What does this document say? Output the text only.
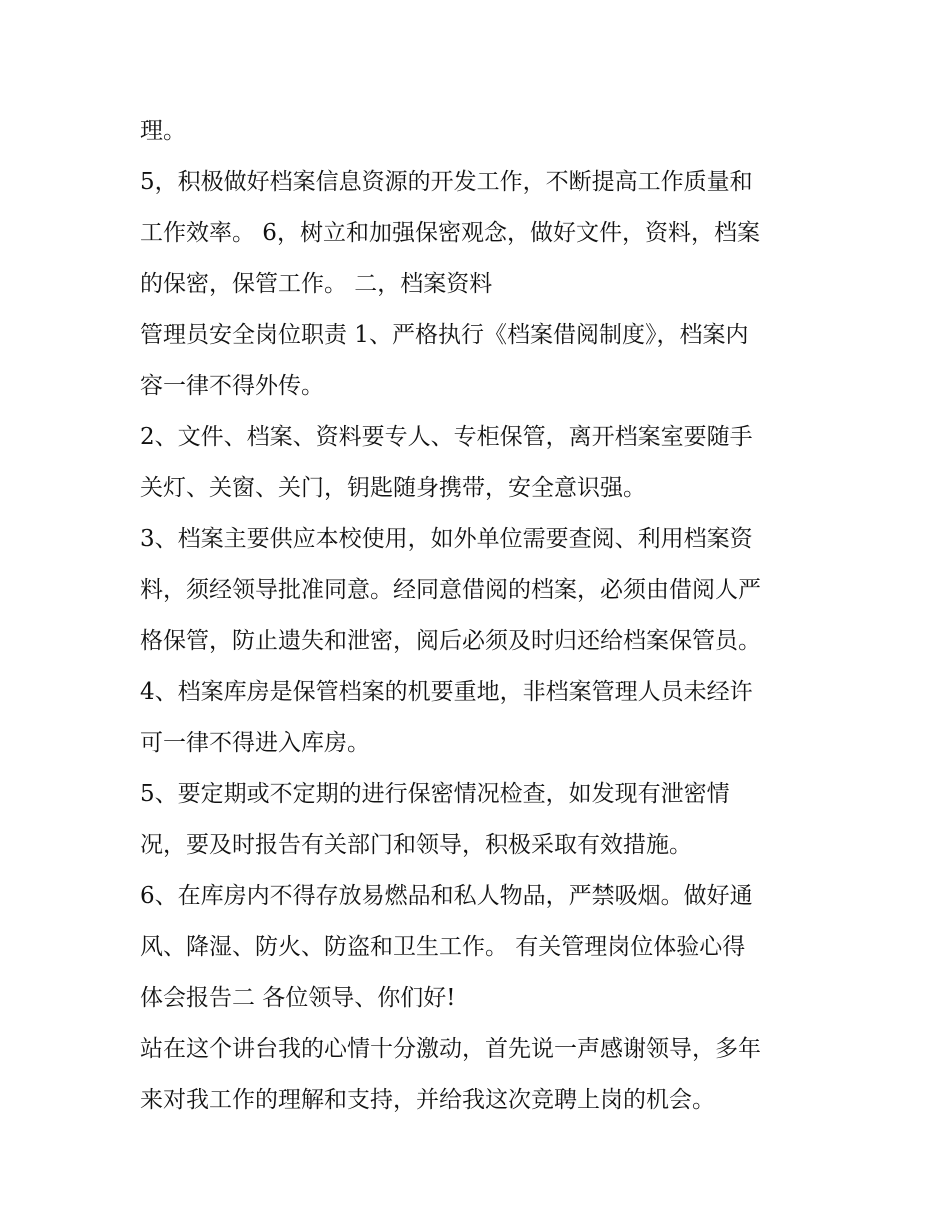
理。
5，积极做好档案信息资源的开发工作，不断提高工作质量和
工作效率。 6，树立和加强保密观念，做好文件，资料，档案
的保密，保管工作。 二，档案资料
管理员安全岗位职责 1、严格执行《档案借阅制度》，档案内
容一律不得外传。
2、文件、档案、资料要专人、专柜保管，离开档案室要随手
关灯、关窗、关门，钥匙随身携带，安全意识强。
3、档案主要供应本校使用，如外单位需要查阅、利用档案资
料，须经领导批准同意。经同意借阅的档案，必须由借阅人严
格保管，防止遗失和泄密，阅后必须及时归还给档案保管员。
4、档案库房是保管档案的机要重地，非档案管理人员未经许
可一律不得进入库房。
5、要定期或不定期的进行保密情况检查，如发现有泄密情
况，要及时报告有关部门和领导，积极采取有效措施。
6、在库房内不得存放易燃品和私人物品，严禁吸烟。做好通
风、降湿、防火、防盗和卫生工作。 有关管理岗位体验心得
体会报告二 各位领导、你们好!
站在这个讲台我的心情十分激动，首先说一声感谢领导，多年
来对我工作的理解和支持，并给我这次竞聘上岗的机会。
